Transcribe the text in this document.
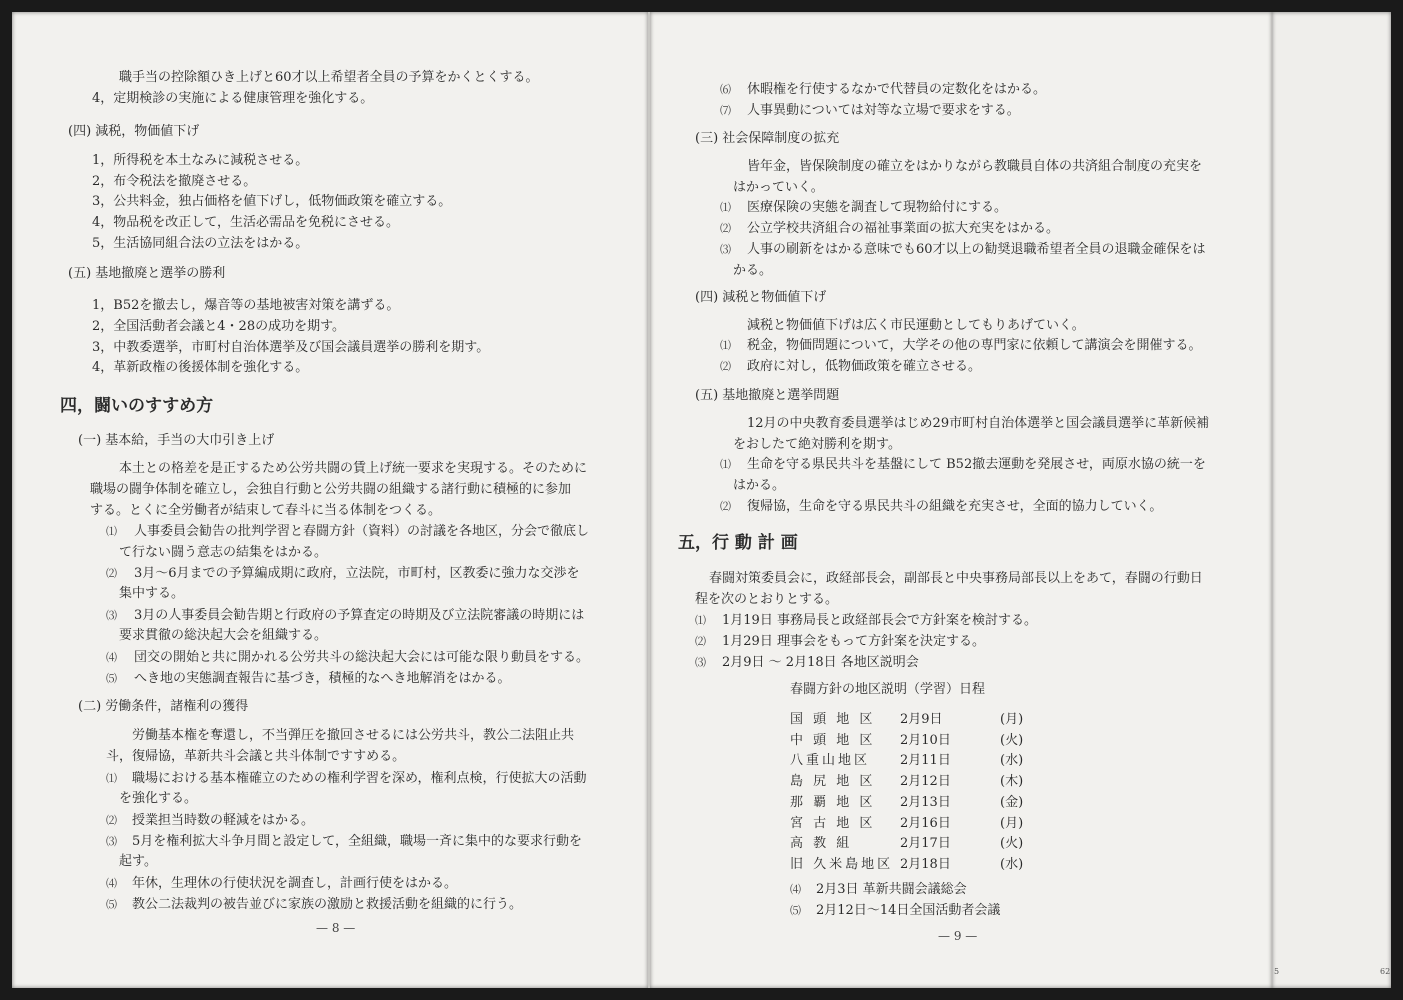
職手当の控除額ひき上げと60才以上希望者全員の予算をかくとくする。
4，定期検診の実施による健康管理を強化する。
(四) 減税，物価値下げ
1，所得税を本土なみに減税させる。
2，布令税法を撤廃させる。
3，公共料金，独占価格を値下げし，低物価政策を確立する。
4，物品税を改正して，生活必需品を免税にさせる。
5，生活協同組合法の立法をはかる。
(五) 基地撤廃と選挙の勝利
1，B52を撤去し，爆音等の基地被害対策を講ずる。
2，全国活動者会議と4・28の成功を期す。
3，中教委選挙，市町村自治体選挙及び国会議員選挙の勝利を期す。
4，革新政権の後援体制を強化する。
四，闘いのすすめ方
(一) 基本給，手当の大巾引き上げ
本土との格差を是正するため公労共闘の賃上げ統一要求を実現する。そのために
職場の闘争体制を確立し，会独自行動と公労共闘の組織する諸行動に積極的に参加
する。とくに全労働者が結束して春斗に当る体制をつくる。
⑴ 人事委員会勧告の批判学習と春闘方針（資料）の討議を各地区，分会で徹底し
て行ない闘う意志の結集をはかる。
⑵ 3月〜6月までの予算編成期に政府，立法院，市町村，区教委に強力な交渉を
集中する。
⑶ 3月の人事委員会勧告期と行政府の予算査定の時期及び立法院審議の時期には
要求貫徹の総決起大会を組織する。
⑷ 団交の開始と共に開かれる公労共斗の総決起大会には可能な限り動員をする。
⑸ へき地の実態調査報告に基づき，積極的なへき地解消をはかる。
(二) 労働条件，諸権利の獲得
労働基本権を奪還し，不当弾圧を撤回させるには公労共斗，教公二法阻止共
斗，復帰協，革新共斗会議と共斗体制ですすめる。
⑴ 職場における基本権確立のための権利学習を深め，権利点検，行使拡大の活動
を強化する。
⑵ 授業担当時数の軽減をはかる。
⑶ 5月を権利拡大斗争月間と設定して，全組織，職場一斉に集中的な要求行動を
起す。
⑷ 年休，生理休の行使状況を調査し，計画行使をはかる。
⑸ 教公二法裁判の被告並びに家族の激励と救援活動を組織的に行う。
— 8 —
⑹ 休暇権を行使するなかで代替員の定数化をはかる。
⑺ 人事異動については対等な立場で要求をする。
(三) 社会保障制度の拡充
皆年金，皆保険制度の確立をはかりながら教職員自体の共済組合制度の充実を
はかっていく。
⑴ 医療保険の実態を調査して現物給付にする。
⑵ 公立学校共済組合の福祉事業面の拡大充実をはかる。
⑶ 人事の刷新をはかる意味でも60才以上の勧奨退職希望者全員の退職金確保をは
かる。
(四) 減税と物価値下げ
減税と物価値下げは広く市民運動としてもりあげていく。
⑴ 税金，物価問題について，大学その他の専門家に依頼して講演会を開催する。
⑵ 政府に対し，低物価政策を確立させる。
(五) 基地撤廃と選挙問題
12月の中央教育委員選挙はじめ29市町村自治体選挙と国会議員選挙に革新候補
をおしたて絶対勝利を期す。
⑴ 生命を守る県民共斗を基盤にして B52撤去運動を発展させ，両原水協の統一を
はかる。
⑵ 復帰協，生命を守る県民共斗の組織を充実させ，全面的協力していく。
五，行 動 計 画
春闘対策委員会に，政経部長会，副部長と中央事務局部長以上をあて，春闘の行動日
程を次のとおりとする。
⑴ 1月19日 事務局長と政経部長会で方針案を検討する。
⑵ 1月29日 理事会をもって方針案を決定する。
⑶ 2月9日 〜 2月18日 各地区説明会
春闘方針の地区説明（学習）日程
国 頭 地 区	2月9日	(月)
中 頭 地 区	2月10日	(火)
八重山地区	2月11日	(水)
島 尻 地 区	2月12日	(木)
那 覇 地 区	2月13日	(金)
宮 古 地 区	2月16日	(月)
高 教 組	2月17日	(火)
旧 久米島地区 2月18日	(水)
⑷ 2月3日 革新共闘会議総会
⑸ 2月12日〜14日全国活動者会議
— 9 —
5	62
